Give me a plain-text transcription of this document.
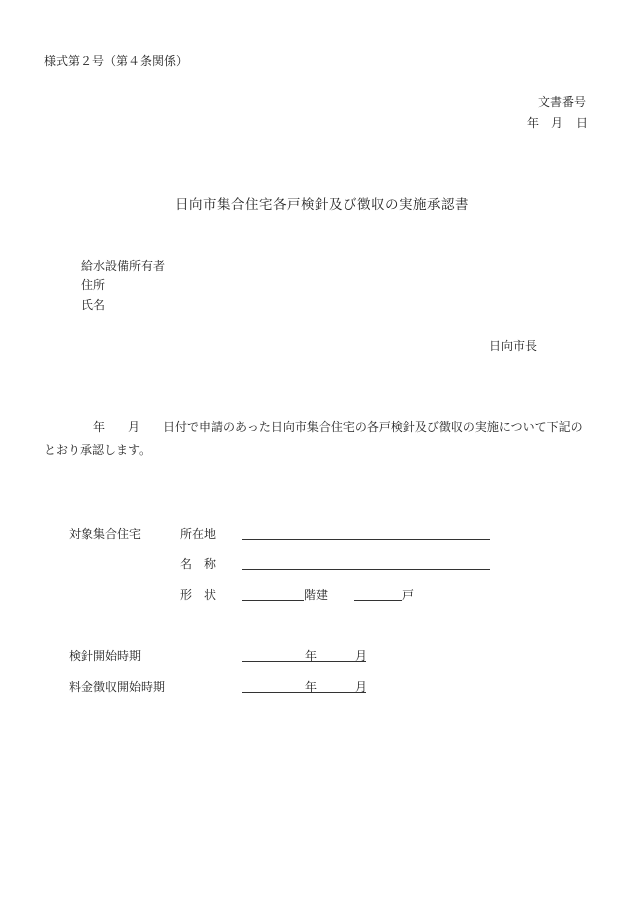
様式第２号（第４条関係）
文書番号
年 月 日
日向市集合住宅各戸検針及び徴収の実施承認書
給水設備所有者
住所
氏名
日向市長
年 月 日付で申請のあった日向市集合住宅の各戸検針及び徴収の実施について下記の
とおり承認します。
対象集合住宅	所在地
名　称
形　状	階建	戸
検針開始時期	年	月
料金徴収開始時期	年	月
